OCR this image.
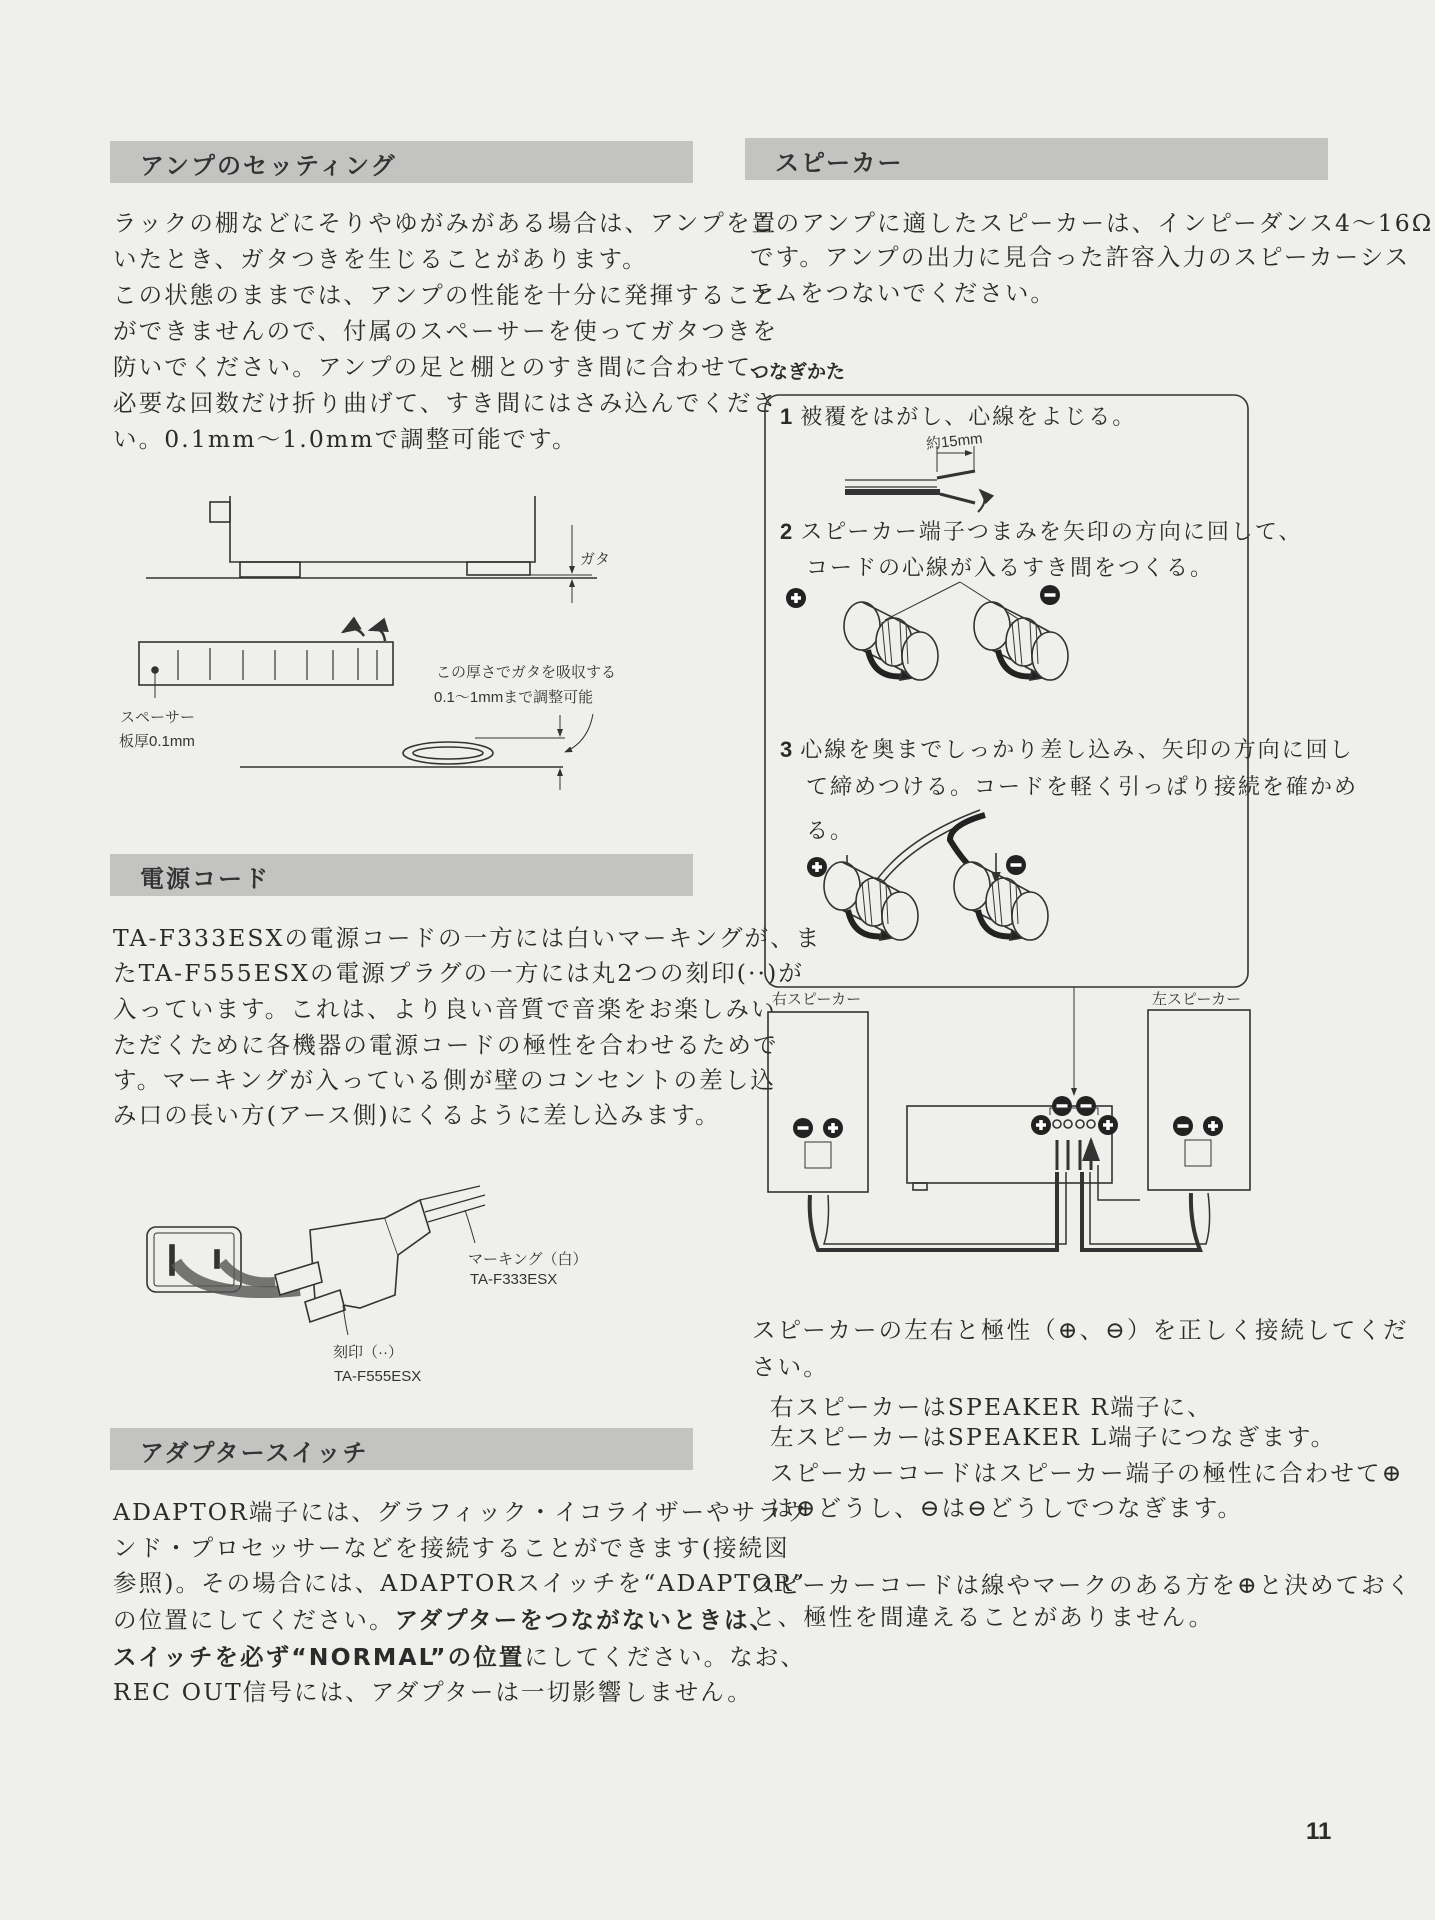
アンプのセッティング
ラックの棚などにそりやゆがみがある場合は、アンプを置
いたとき、ガタつきを生じることがあります。
この状態のままでは、アンプの性能を十分に発揮すること
ができませんので、付属のスペーサーを使ってガタつきを
防いでください。アンプの足と棚とのすき間に合わせて、
必要な回数だけ折り曲げて、すき間にはさみ込んでくださ
い。0.1mm〜1.0mmで調整可能です。
ガタ
スペーサー
板厚0.1mm
この厚さでガタを吸収する
0.1〜1mmまで調整可能
電源コード
TA-F333ESXの電源コードの一方には白いマーキングが、ま
たTA-F555ESXの電源プラグの一方には丸2つの刻印(··)が
入っています。これは、より良い音質で音楽をお楽しみい
ただくために各機器の電源コードの極性を合わせるためで
す。マーキングが入っている側が壁のコンセントの差し込
み口の長い方(アース側)にくるように差し込みます。
マーキング（白）
TA-F333ESX
刻印（··）
TA-F555ESX
アダプタースイッチ
ADAPTOR端子には、グラフィック・イコライザーやサラウ
ンド・プロセッサーなどを接続することができます(接続図
参照)。その場合には、ADAPTORスイッチを“ADAPTOR”
の位置にしてください。アダプターをつながないときは、
スイッチを必ず“NORMAL”の位置にしてください。なお、
REC OUT信号には、アダプターは一切影響しません。
スピーカー
このアンプに適したスピーカーは、インピーダンス4〜16Ω
です。アンプの出力に見合った許容入力のスピーカーシス
テムをつないでください。
つなぎかた
1 被覆をはがし、心線をよじる。
約15mm
2 スピーカー端子つまみを矢印の方向に回して、
コードの心線が入るすき間をつくる。
3 心線を奥までしっかり差し込み、矢印の方向に回し
て締めつける。コードを軽く引っぱり接続を確かめ
る。
右スピーカー	左スピーカー
スピーカーの左右と極性（⊕、⊖）を正しく接続してくだ
さい。
右スピーカーはSPEAKER R端子に、
左スピーカーはSPEAKER L端子につなぎます。
スピーカーコードはスピーカー端子の極性に合わせて⊕
は⊕どうし、⊖は⊖どうしでつなぎます。
スピーカーコードは線やマークのある方を⊕と決めておく
と、極性を間違えることがありません。
11
